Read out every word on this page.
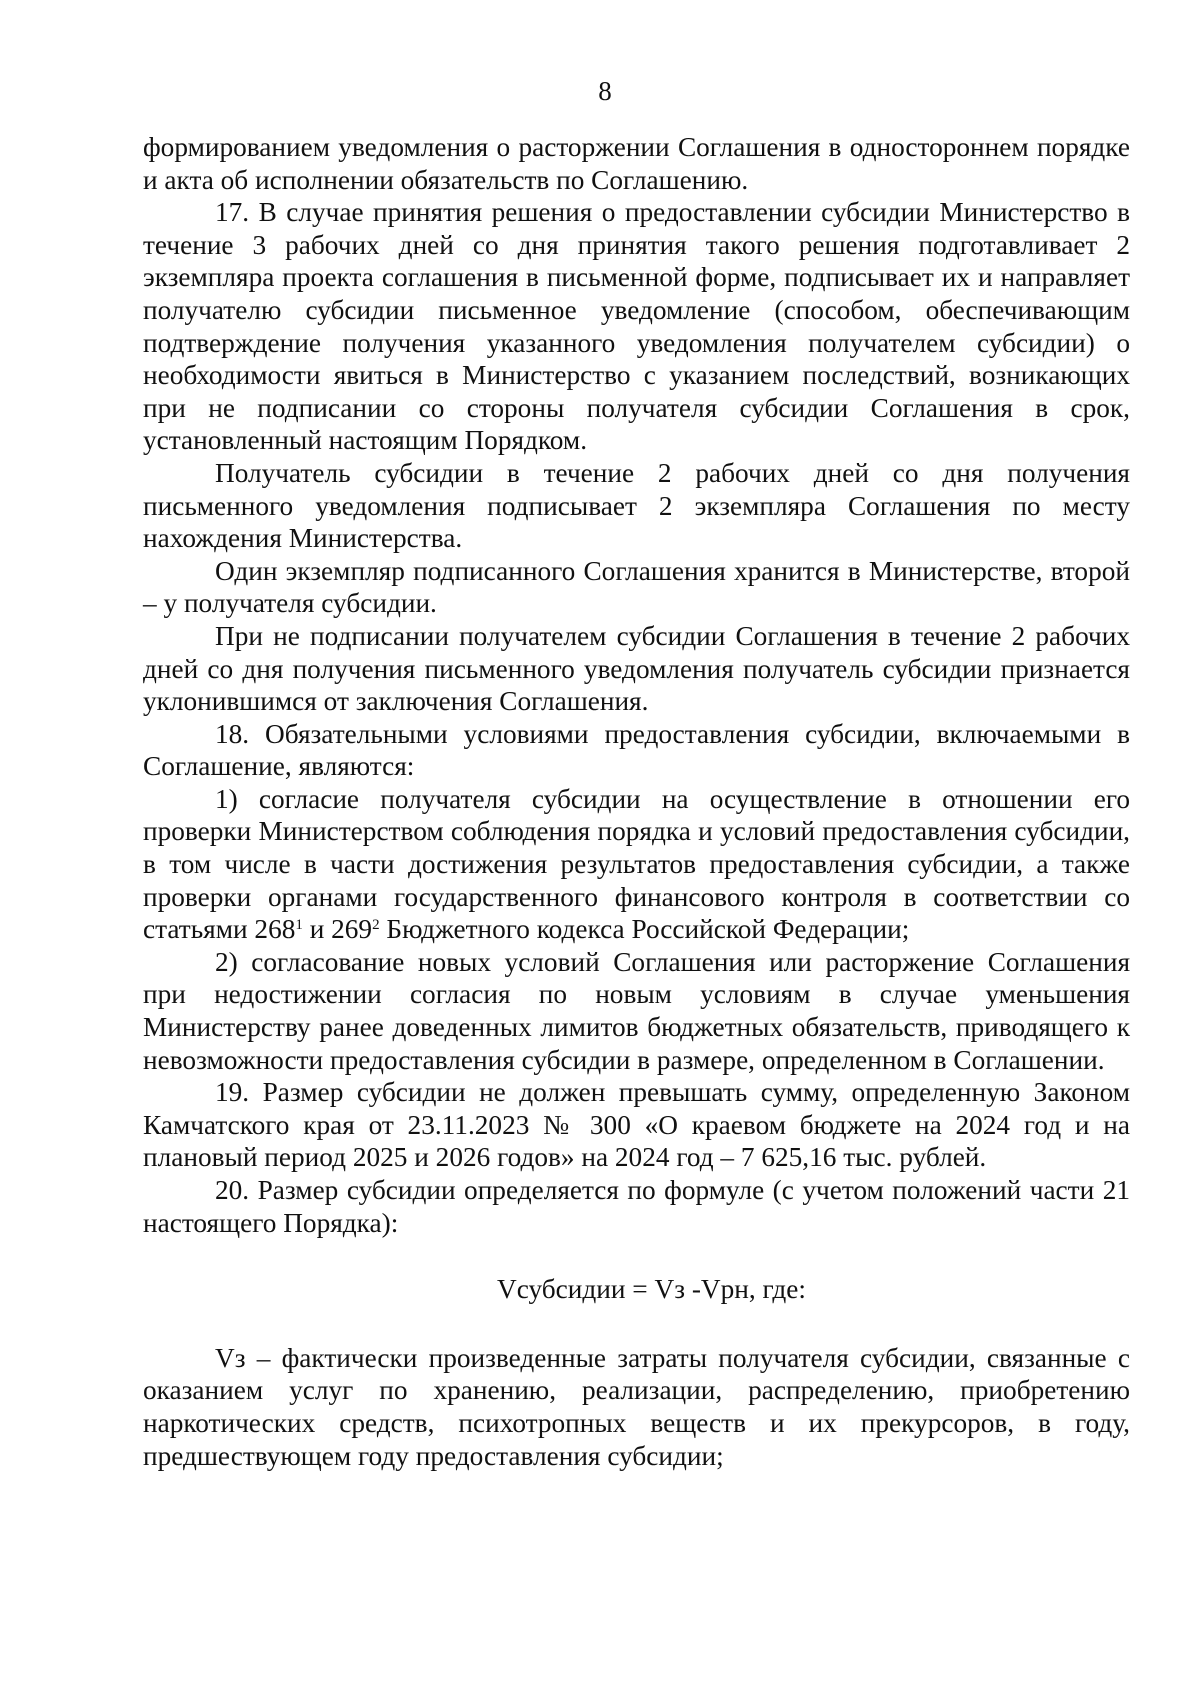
8

формированием уведомления о расторжении Соглашения в одностороннем порядке и акта об исполнении обязательств по Соглашению.

17. В случае принятия решения о предоставлении субсидии Министерство в течение 3 рабочих дней со дня принятия такого решения подготавливает 2 экземпляра проекта соглашения в письменной форме, подписывает их и направляет получателю субсидии письменное уведомление (способом, обеспечивающим подтверждение получения указанного уведомления получателем субсидии) о необходимости явиться в Министерство с указанием последствий, возникающих при не подписании со стороны получателя субсидии Соглашения в срок, установленный настоящим Порядком.

Получатель субсидии в течение 2 рабочих дней со дня получения письменного уведомления подписывает 2 экземпляра Соглашения по месту нахождения Министерства.

Один экземпляр подписанного Соглашения хранится в Министерстве, второй – у получателя субсидии.

При не подписании получателем субсидии Соглашения в течение 2 рабочих дней со дня получения письменного уведомления получатель субсидии признается уклонившимся от заключения Соглашения.

18. Обязательными условиями предоставления субсидии, включаемыми в Соглашение, являются:

1) согласие получателя субсидии на осуществление в отношении его проверки Министерством соблюдения порядка и условий предоставления субсидии, в том числе в части достижения результатов предоставления субсидии, а также проверки органами государственного финансового контроля в соответствии со статьями $268^1$ и $269^2$ Бюджетного кодекса Российской Федерации;

2) согласование новых условий Соглашения или расторжение Соглашения при недостижении согласия по новым условиям в случае уменьшения Министерству ранее доведенных лимитов бюджетных обязательств, приводящего к невозможности предоставления субсидии в размере, определенном в Соглашении.

19. Размер субсидии не должен превышать сумму, определенную Законом Камчатского края от 23.11.2023 № 300 «О краевом бюджете на 2024 год и на плановый период 2025 и 2026 годов» на 2024 год – 7 625,16 тыс. рублей.

20. Размер субсидии определяется по формуле (с учетом положений части 21 настоящего Порядка):

Vсубсидии = Vз -Vрн, где:

Vз – фактически произведенные затраты получателя субсидии, связанные с оказанием услуг по хранению, реализации, распределению, приобретению наркотических средств, психотропных веществ и их прекурсоров, в году, предшествующем году предоставления субсидии;
